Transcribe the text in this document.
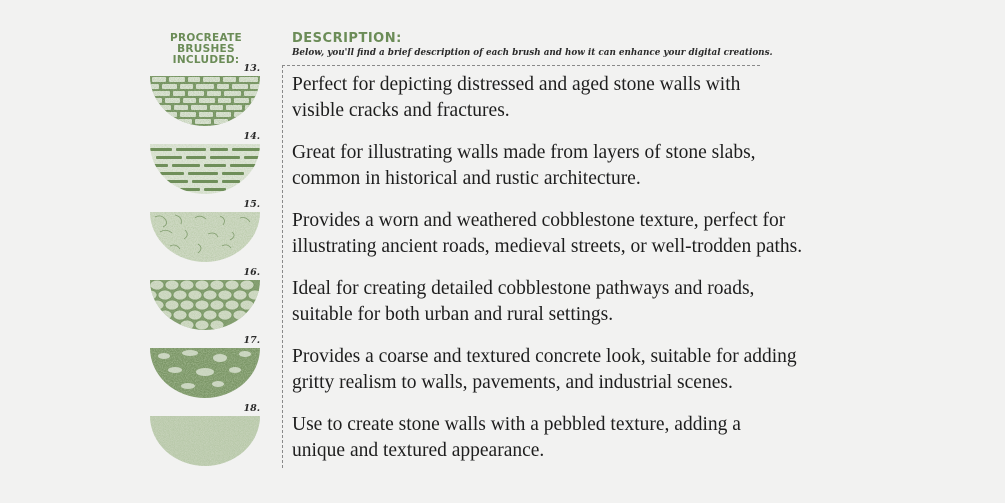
PROCREATE
BRUSHES INCLUDED:
DESCRIPTION:
Below, you'll find a brief description of each brush and how it can enhance your digital creations.
13.
Perfect for depicting distressed and aged stone walls with
visible cracks and fractures.
14.
Great for illustrating walls made from layers of stone slabs,
common in historical and rustic architecture.
15.
Provides a worn and weathered cobblestone texture, perfect for
illustrating ancient roads, medieval streets, or well-trodden paths.
16.
Ideal for creating detailed cobblestone pathways and roads,
suitable for both urban and rural settings.
17.
Provides a coarse and textured concrete look, suitable for adding
gritty realism to walls, pavements, and industrial scenes.
18.
Use to create stone walls with a pebbled texture, adding a
unique and textured appearance.
